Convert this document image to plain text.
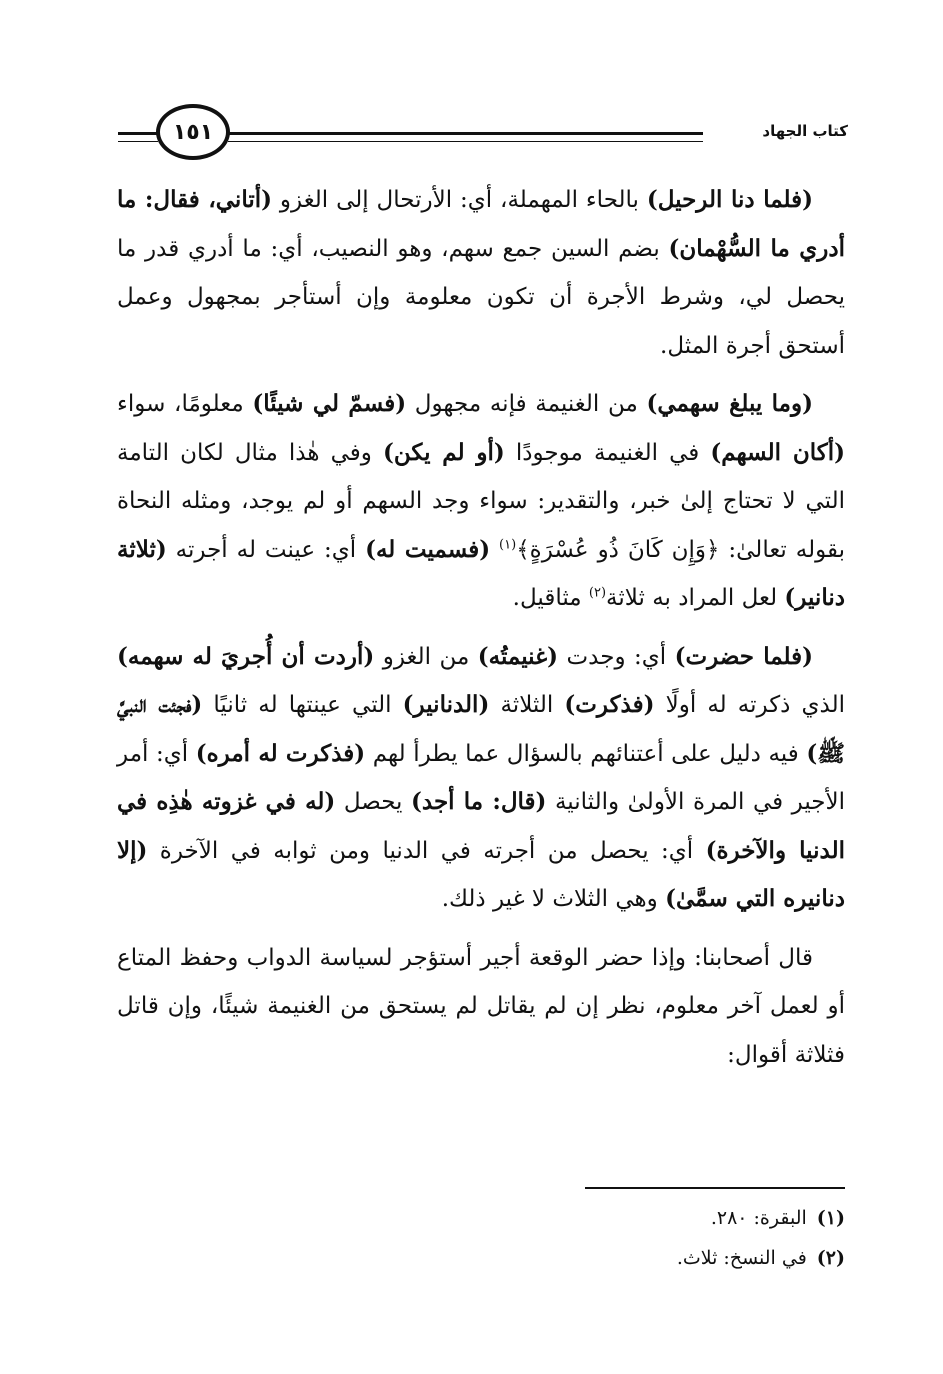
١٥١	كتاب الجهاد

(فلما دنا الرحيل) بالحاء المهملة، أي: الأرتحال إلى الغزو (أتاني، فقال: ما أدري ما السُّهْمان) بضم السين جمع سهم، وهو النصيب، أي: ما أدري قدر ما يحصل لي، وشرط الأجرة أن تكون معلومة وإن أستأجر بمجهول وعمل أستحق أجرة المثل.

(وما يبلغ سهمي) من الغنيمة فإنه مجهول (فسمّ لي شيئًا) معلومًا، سواء (أكان السهم) في الغنيمة موجودًا (أو لم يكن) وفي هٰذا مثال لكان التامة التي لا تحتاج إلىٰ خبر، والتقدير: سواء وجد السهم أو لم يوجد، ومثله النحاة بقوله تعالىٰ: ﴿وَإِن كَانَ ذُو عُسْرَةٍ﴾$^{(١)}$ (فسميت له) أي: عينت له أجرته (ثلاثة دنانير) لعل المراد به ثلاثة$^{(٢)}$ مثاقيل.

(فلما حضرت) أي: وجدت (غنيمتُه) من الغزو (أردت أن أُجريَ له سهمه) الذي ذكرته له أولًا (فذكرت) الثلاثة (الدنانير) التي عينتها له ثانيًا (فجئت النبيَّ ﷺ) فيه دليل على أعتنائهم بالسؤال عما يطرأ لهم (فذكرت له أمره) أي: أمر الأجير في المرة الأولىٰ والثانية (قال: ما أجد) يحصل (له في غزوته هٰذِه في الدنيا والآخرة) أي: يحصل من أجرته في الدنيا ومن ثوابه في الآخرة (إلا دنانيره التي سمَّىٰ) وهي الثلاث لا غير ذلك.

قال أصحابنا: وإذا حضر الوقعة أجير أستؤجر لسياسة الدواب وحفظ المتاع أو لعمل آخر معلوم، نظر إن لم يقاتل لم يستحق من الغنيمة شيئًا، وإن قاتل فثلاثة أقوال:

(١)البقرة: ٢٨٠.
(٢)في النسخ: ثلاث.
